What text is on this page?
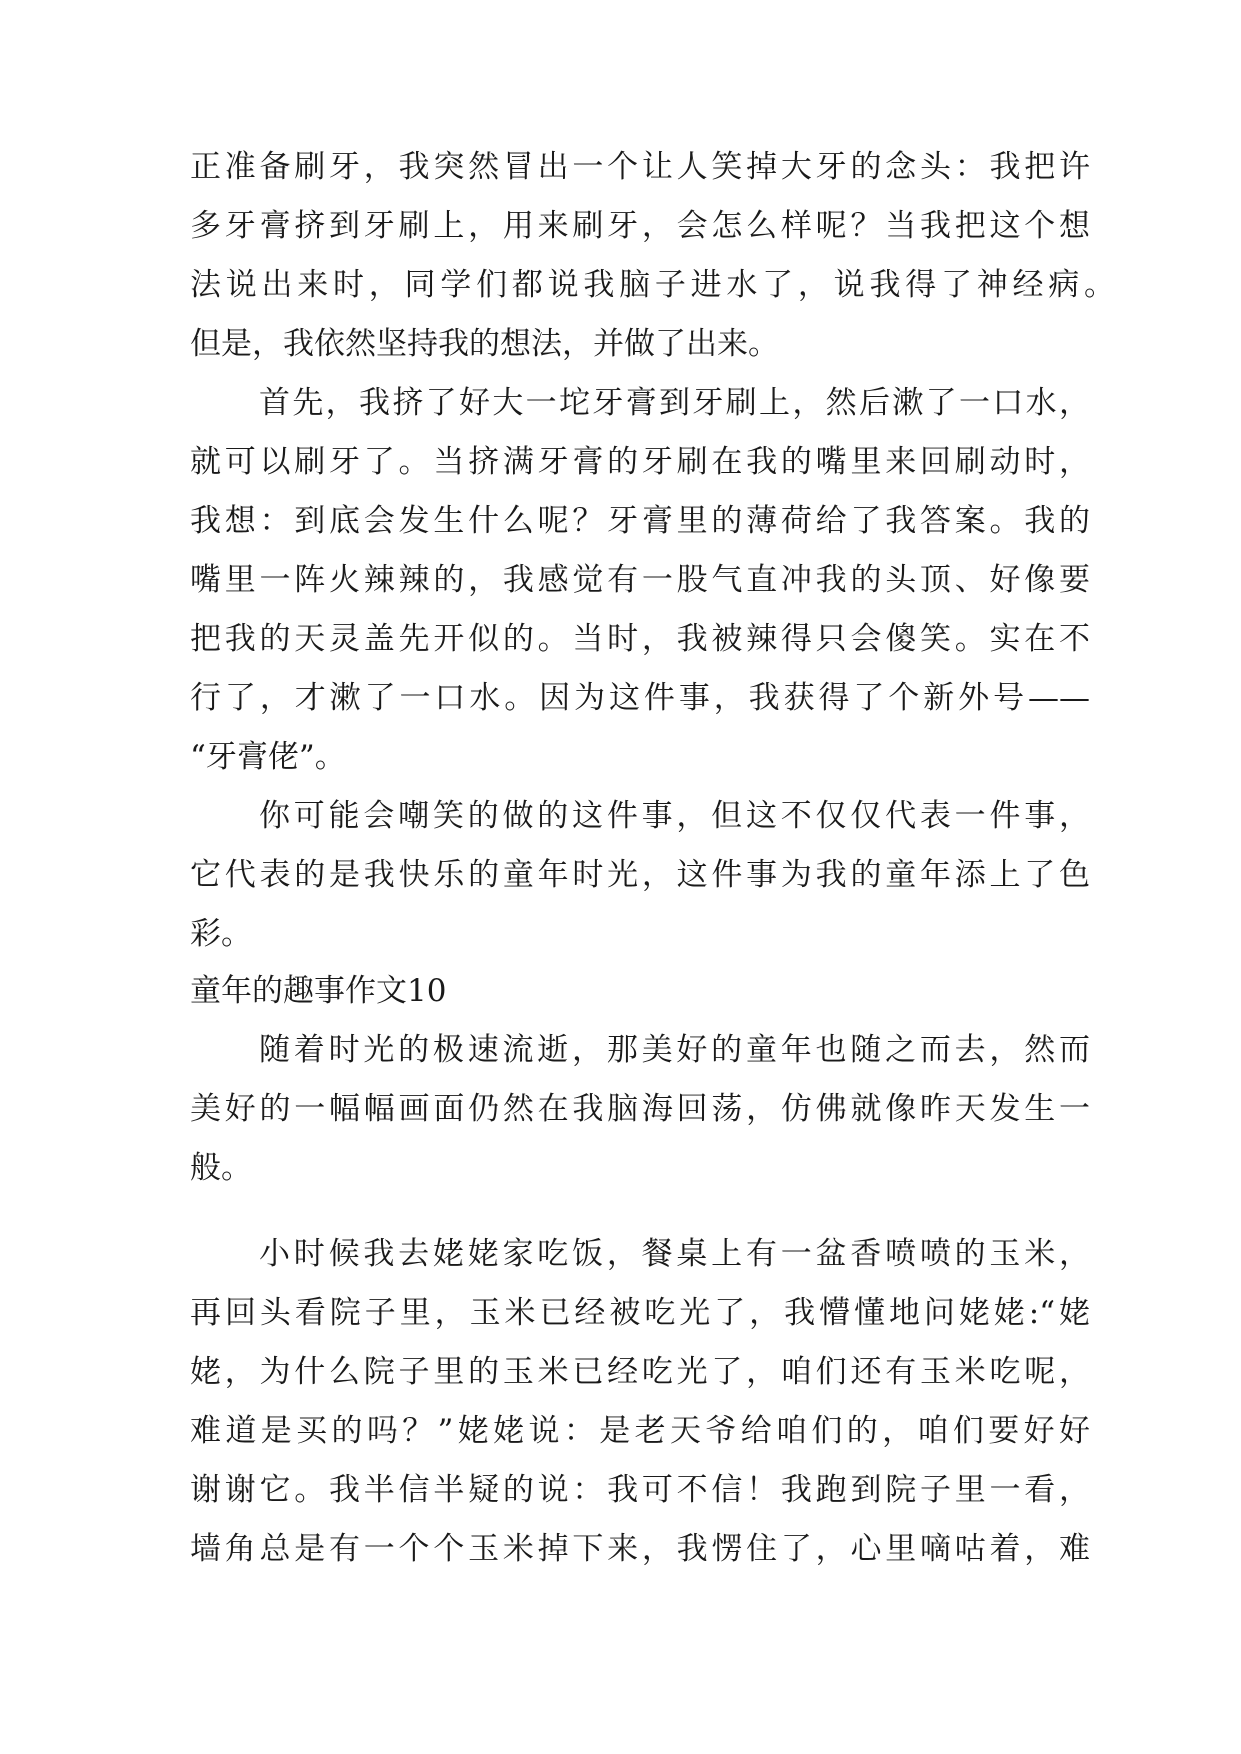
正准备刷牙，我突然冒出一个让人笑掉大牙的念头：我把许
多牙膏挤到牙刷上，用来刷牙，会怎么样呢？当我把这个想
法说出来时，同学们都说我脑子进水了，说我得了神经病。
但是，我依然坚持我的想法，并做了出来。
首先，我挤了好大一坨牙膏到牙刷上，然后漱了一口水，
就可以刷牙了。当挤满牙膏的牙刷在我的嘴里来回刷动时，
我想：到底会发生什么呢？牙膏里的薄荷给了我答案。我的
嘴里一阵火辣辣的，我感觉有一股气直冲我的头顶、好像要
把我的天灵盖先开似的。当时，我被辣得只会傻笑。实在不
行了，才漱了一口水。因为这件事，我获得了个新外号——
“牙膏佬”。
你可能会嘲笑的做的这件事，但这不仅仅代表一件事，
它代表的是我快乐的童年时光，这件事为我的童年添上了色
彩。
童年的趣事作文10
随着时光的极速流逝，那美好的童年也随之而去，然而
美好的一幅幅画面仍然在我脑海回荡，仿佛就像昨天发生一
般。
小时候我去姥姥家吃饭，餐桌上有一盆香喷喷的玉米，
再回头看院子里，玉米已经被吃光了，我懵懂地问姥姥:“姥
姥，为什么院子里的玉米已经吃光了，咱们还有玉米吃呢，
难道是买的吗？”姥姥说：是老天爷给咱们的，咱们要好好
谢谢它。我半信半疑的说：我可不信！我跑到院子里一看，
墙角总是有一个个玉米掉下来，我愣住了，心里嘀咕着，难
